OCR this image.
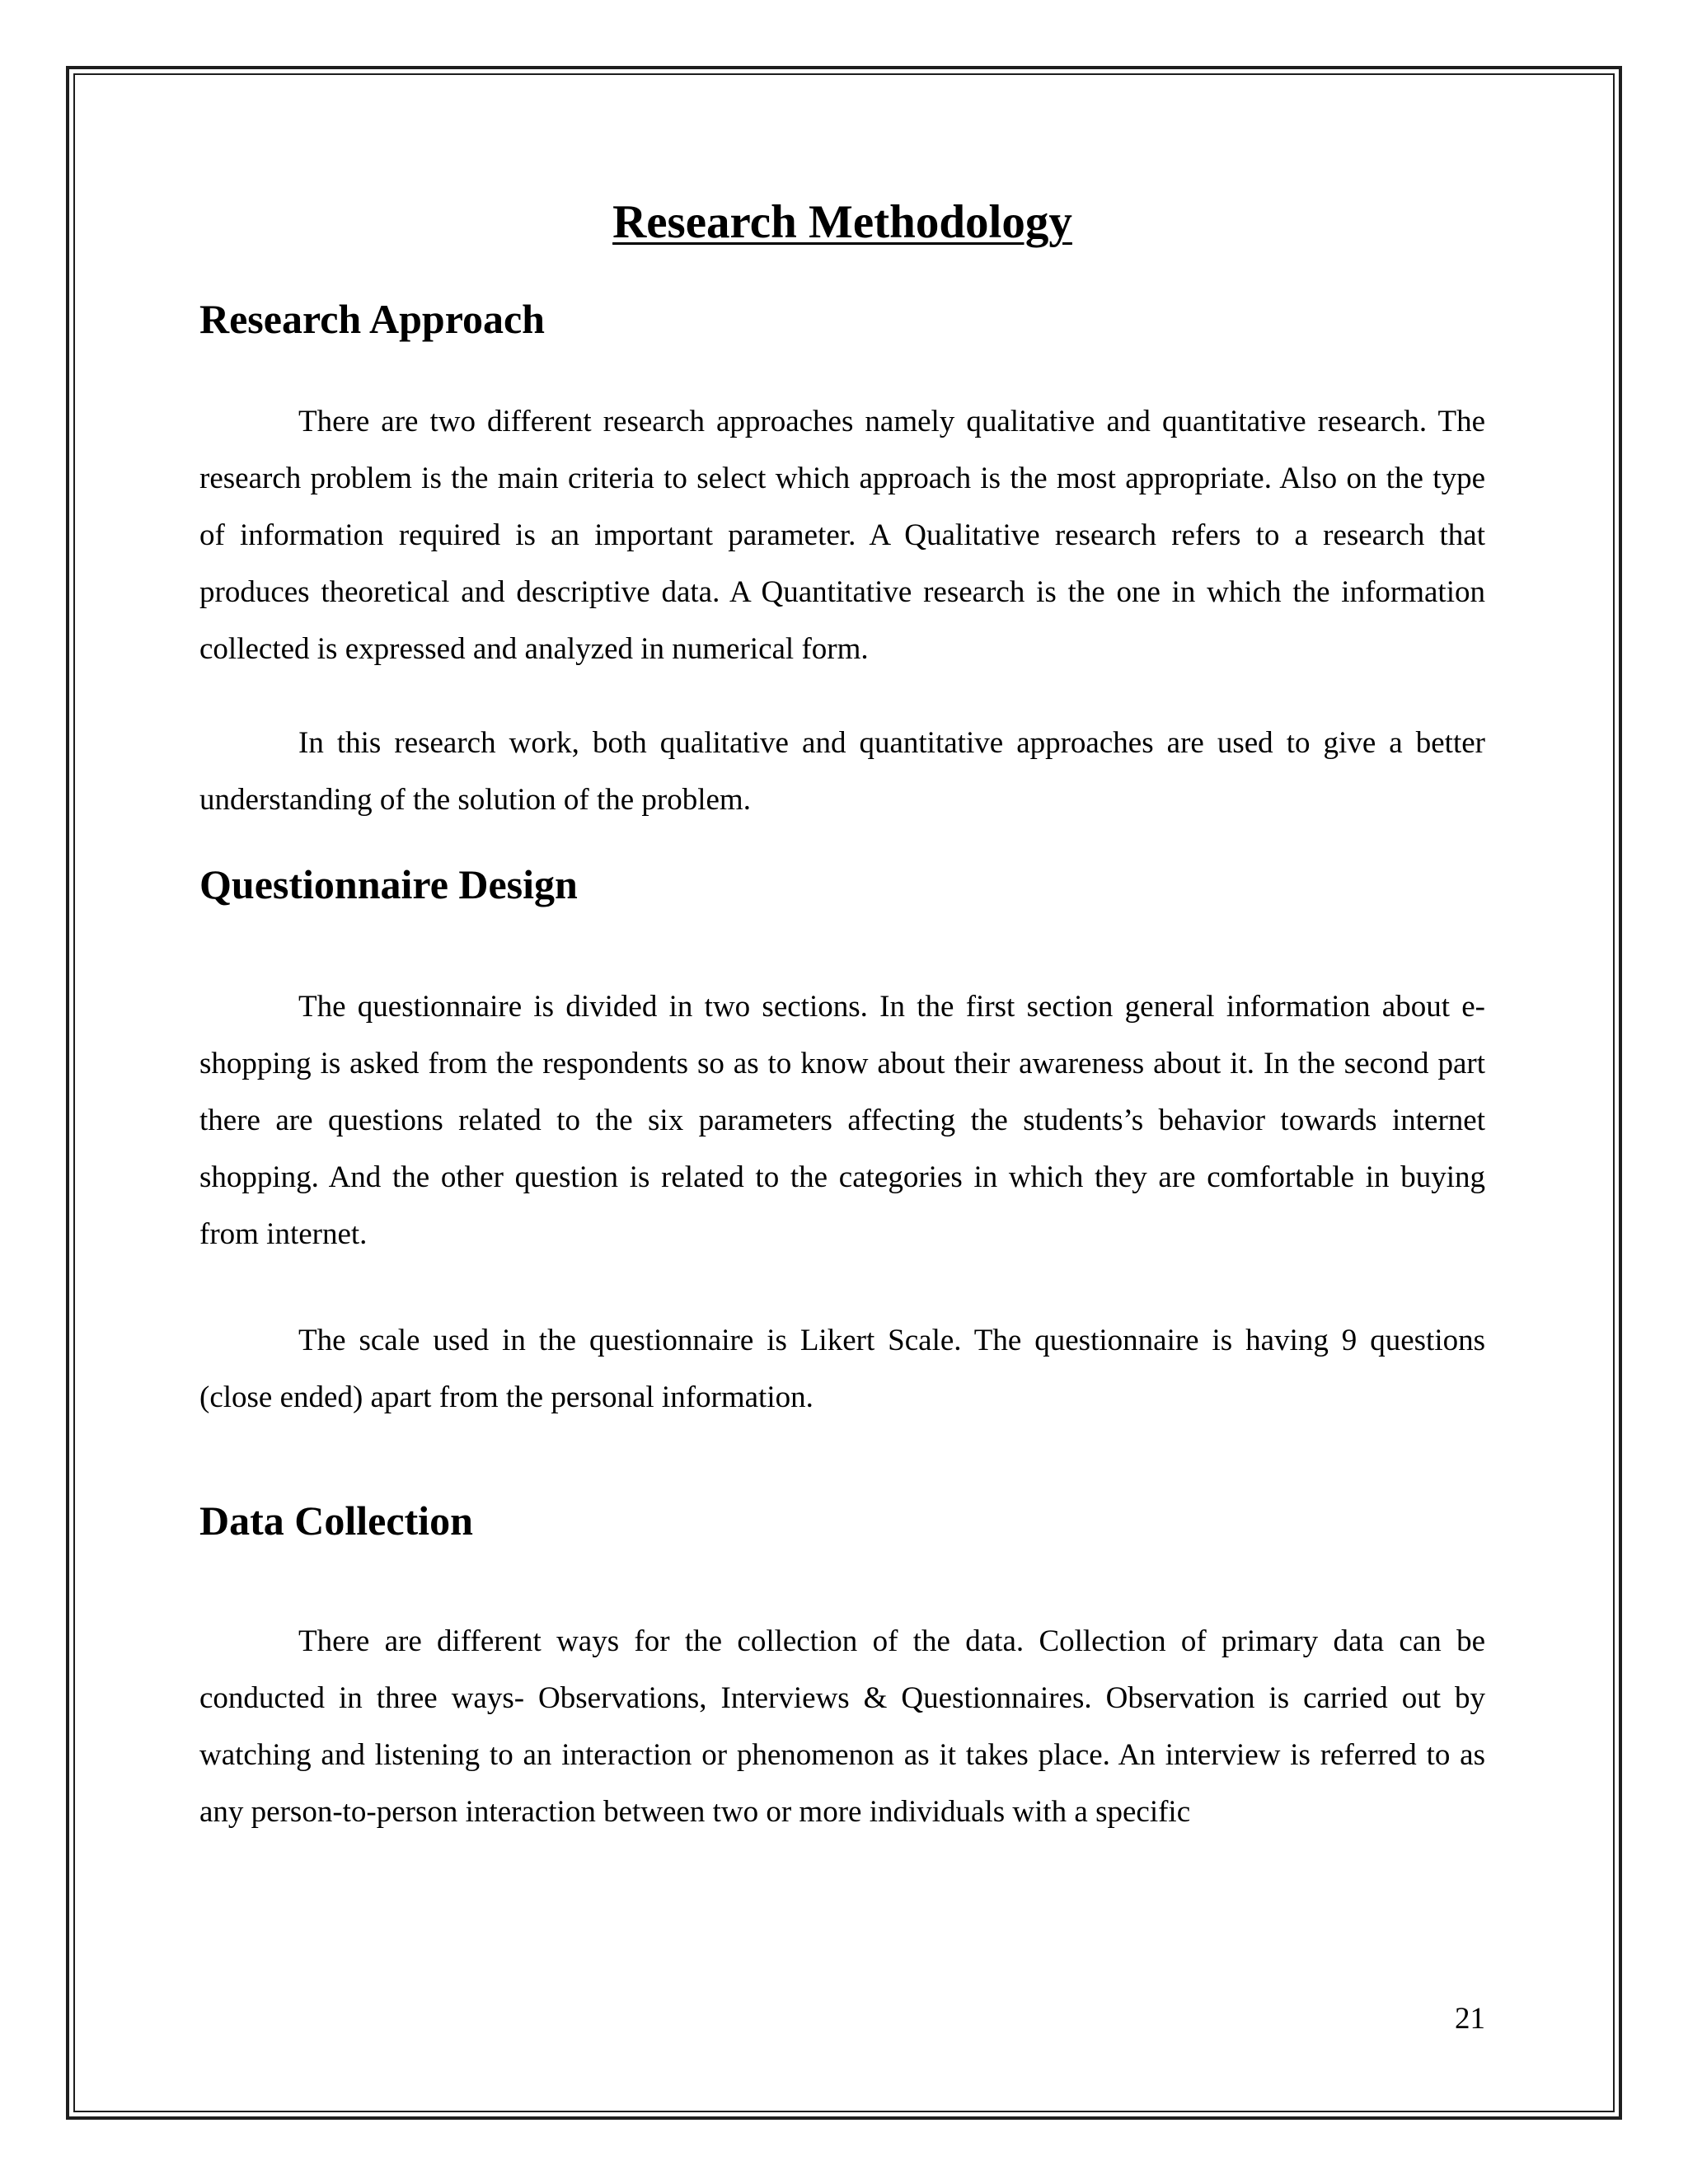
Research Methodology
Research Approach

There are two different research approaches namely qualitative and quantitative research. The research problem is the main criteria to select which approach is the most appropriate. Also on the type of information required is an important parameter. A Qualitative research refers to a research that produces theoretical and descriptive data. A Quantitative research is the one in which the information collected is expressed and analyzed in numerical form.

In this research work, both qualitative and quantitative approaches are used to give a better understanding of the solution of the problem.

Questionnaire Design

The questionnaire is divided in two sections. In the first section general information about e-shopping is asked from the respondents so as to know about their awareness about it. In the second part there are questions related to the six parameters affecting the students’s behavior towards internet shopping. And the other question is related to the categories in which they are comfortable in buying from internet.

The scale used in the questionnaire is Likert Scale. The questionnaire is having 9 questions (close ended) apart from the personal information.

Data Collection

There are different ways for the collection of the data. Collection of primary data can be conducted in three ways- Observations, Interviews & Questionnaires. Observation is carried out by watching and listening to an interaction or phenomenon as it takes place. An interview is referred to as any person-to-person interaction between two or more individuals with a specific

21
